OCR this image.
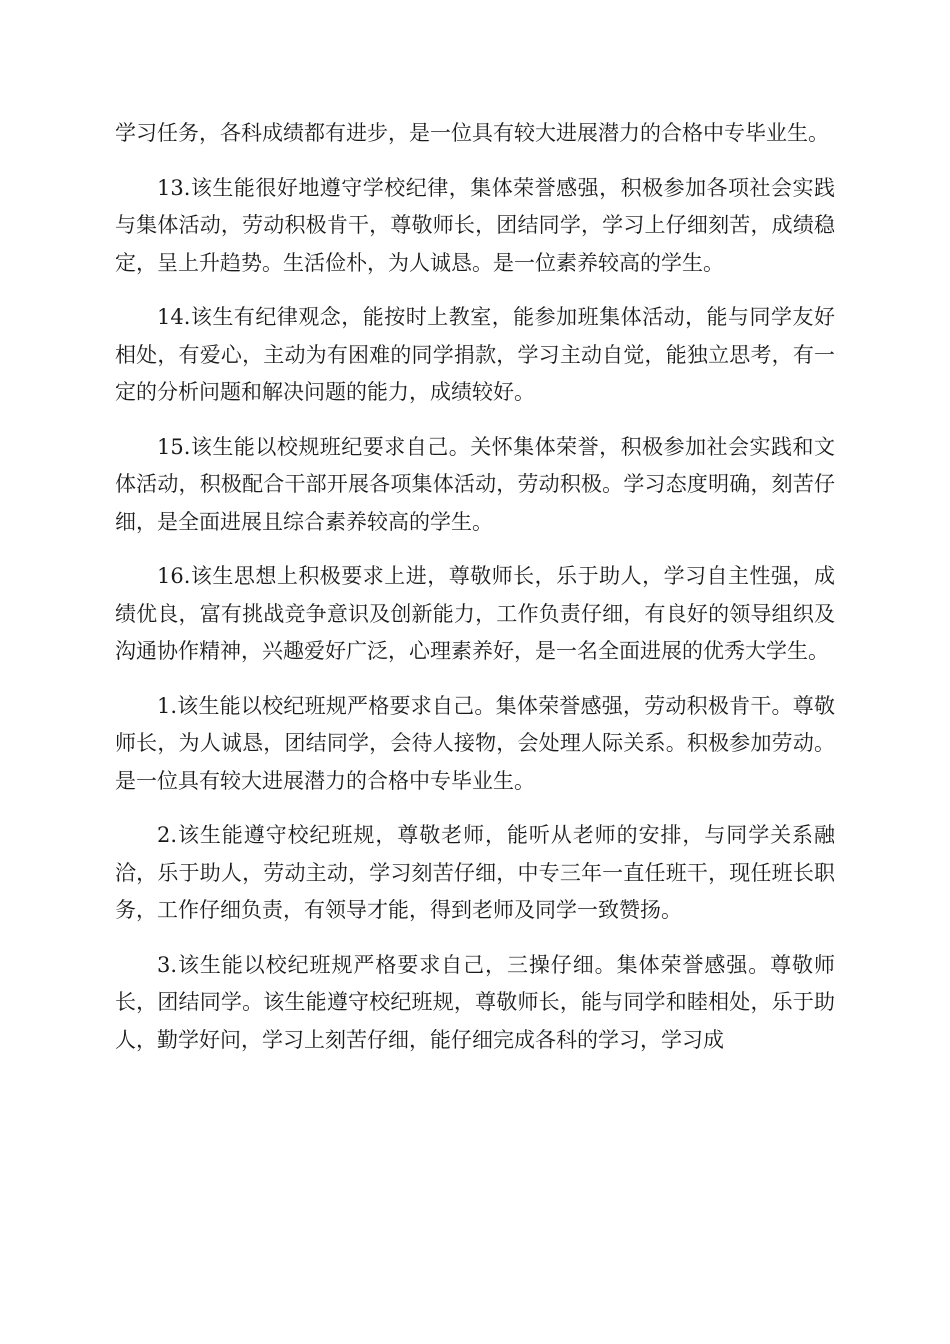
学习任务，各科成绩都有进步，是一位具有较大进展潜力的合格中专毕业生。

13.该生能很好地遵守学校纪律，集体荣誉感强，积极参加各项社会实践与集体活动，劳动积极肯干，尊敬师长，团结同学，学习上仔细刻苦，成绩稳定，呈上升趋势。生活俭朴，为人诚恳。是一位素养较高的学生。

14.该生有纪律观念，能按时上教室，能参加班集体活动，能与同学友好相处，有爱心，主动为有困难的同学捐款，学习主动自觉，能独立思考，有一定的分析问题和解决问题的能力，成绩较好。

15.该生能以校规班纪要求自己。关怀集体荣誉，积极参加社会实践和文体活动，积极配合干部开展各项集体活动，劳动积极。学习态度明确，刻苦仔细，是全面进展且综合素养较高的学生。

16.该生思想上积极要求上进，尊敬师长，乐于助人，学习自主性强，成绩优良，富有挑战竞争意识及创新能力，工作负责仔细，有良好的领导组织及沟通协作精神，兴趣爱好广泛，心理素养好，是一名全面进展的优秀大学生。

1.该生能以校纪班规严格要求自己。集体荣誉感强，劳动积极肯干。尊敬师长，为人诚恳，团结同学，会待人接物，会处理人际关系。积极参加劳动。是一位具有较大进展潜力的合格中专毕业生。

2.该生能遵守校纪班规，尊敬老师，能听从老师的安排，与同学关系融洽，乐于助人，劳动主动，学习刻苦仔细，中专三年一直任班干，现任班长职务，工作仔细负责，有领导才能，得到老师及同学一致赞扬。

3.该生能以校纪班规严格要求自己，三操仔细。集体荣誉感强。尊敬师长，团结同学。该生能遵守校纪班规，尊敬师长，能与同学和睦相处，乐于助人，勤学好问，学习上刻苦仔细，能仔细完成各科的学习，学习成
